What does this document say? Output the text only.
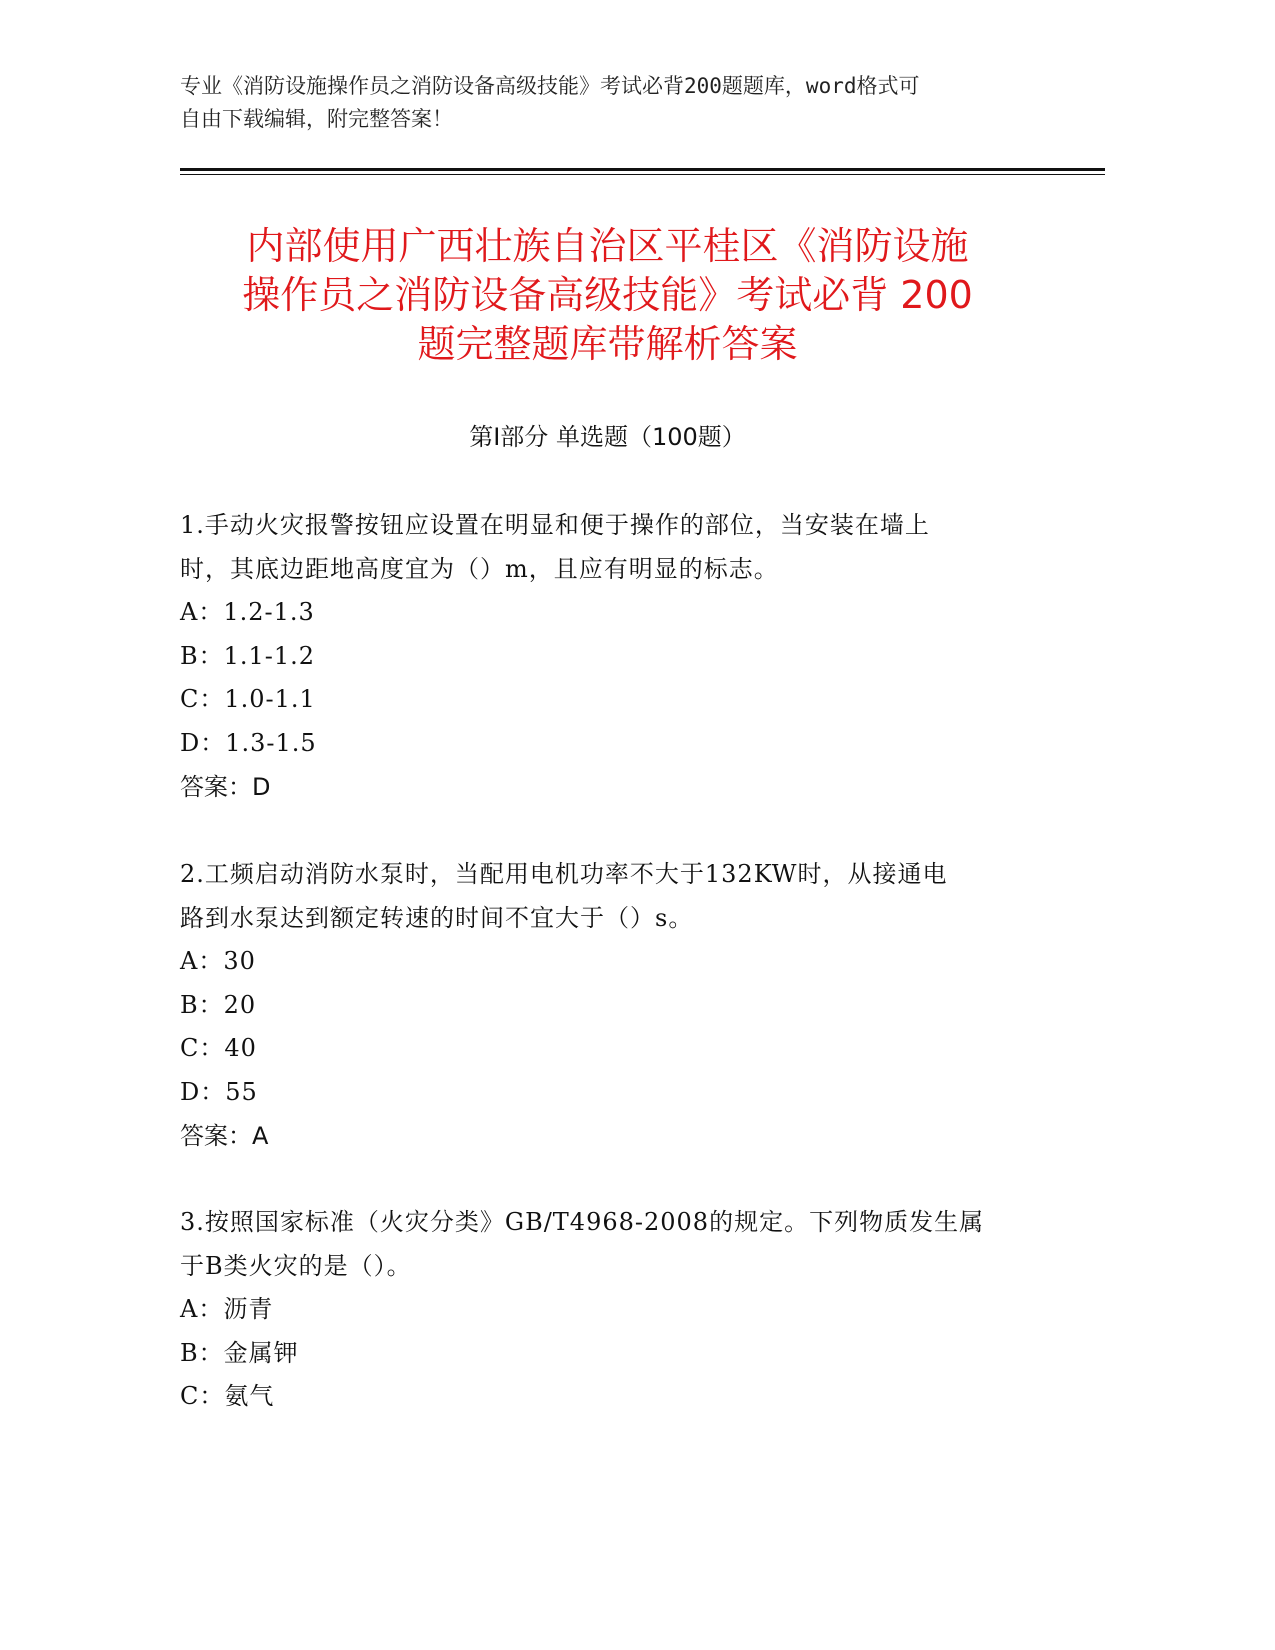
专业《消防设施操作员之消防设备高级技能》考试必背200题题库，word格式可
自由下载编辑，附完整答案！
内部使用广西壮族自治区平桂区《消防设施
操作员之消防设备高级技能》考试必背 200
题完整题库带解析答案
第Ⅰ部分 单选题（100题）

1.手动火灾报警按钮应设置在明显和便于操作的部位，当安装在墙上

时，其底边距地高度宜为（）m，且应有明显的标志。

A：1.2-1.3

B：1.1-1.2

C：1.0-1.1

D：1.3-1.5

答案：D

2.工频启动消防水泵时，当配用电机功率不大于132KW时，从接通电

路到水泵达到额定转速的时间不宜大于（）s。

A：30

B：20

C：40

D：55

答案：A

3.按照国家标准（火灾分类》GB/T4968-2008的规定。下列物质发生属

于B类火灾的是（）。

A：沥青

B：金属钾

C：氨气
